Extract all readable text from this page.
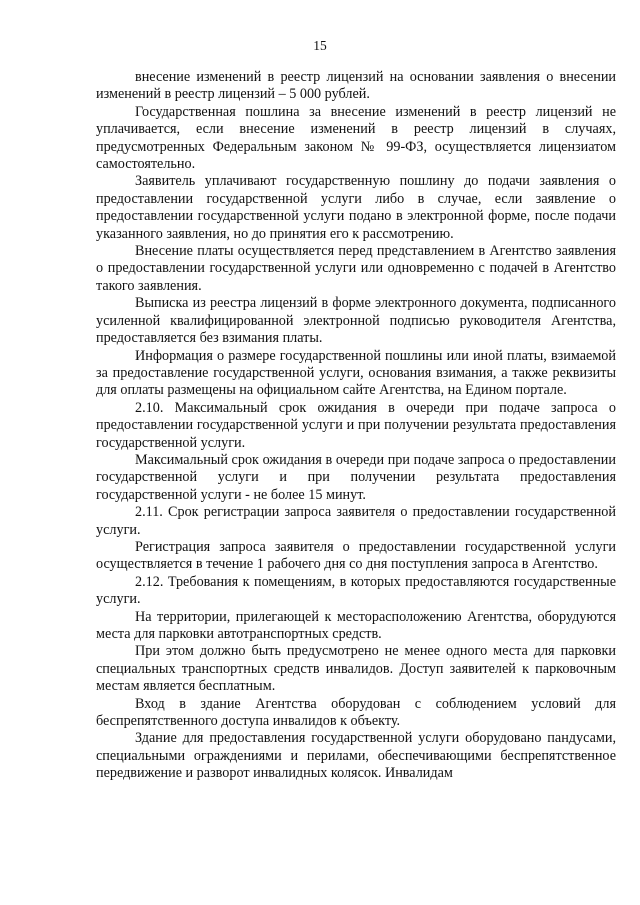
15

внесение изменений в реестр лицензий на основании заявления о внесении изменений в реестр лицензий – 5 000 рублей.

Государственная пошлина за внесение изменений в реестр лицензий не уплачивается, если внесение изменений в реестр лицензий в случаях, предусмотренных Федеральным законом № 99-ФЗ, осуществляется лицензиатом самостоятельно.

Заявитель уплачивают государственную пошлину до подачи заявления о предоставлении государственной услуги либо в случае, если заявление о предоставлении государственной услуги подано в электронной форме, после подачи указанного заявления, но до принятия его к рассмотрению.

Внесение платы осуществляется перед представлением в Агентство заявления о предоставлении государственной услуги или одновременно с подачей в Агентство такого заявления.

Выписка из реестра лицензий в форме электронного документа, подписанного усиленной квалифицированной электронной подписью руководителя Агентства, предоставляется без взимания платы.

Информация о размере государственной пошлины или иной платы, взимаемой за предоставление государственной услуги, основания взимания, а также реквизиты для оплаты размещены на официальном сайте Агентства, на Едином портале.

2.10. Максимальный срок ожидания в очереди при подаче запроса о предоставлении государственной услуги и при получении результата предоставления государственной услуги.

Максимальный срок ожидания в очереди при подаче запроса о предоставлении государственной услуги и при получении результата предоставления государственной услуги - не более 15 минут.

2.11. Срок регистрации запроса заявителя о предоставлении государственной услуги.

Регистрация запроса заявителя о предоставлении государственной услуги осуществляется в течение 1 рабочего дня со дня поступления запроса в Агентство.

2.12. Требования к помещениям, в которых предоставляются государственные услуги.

На территории, прилегающей к месторасположению Агентства, оборудуются места для парковки автотранспортных средств.

При этом должно быть предусмотрено не менее одного места для парковки специальных транспортных средств инвалидов. Доступ заявителей к парковочным местам является бесплатным.

Вход в здание Агентства оборудован с соблюдением условий для беспрепятственного доступа инвалидов к объекту.

Здание для предоставления государственной услуги оборудовано пандусами, специальными ограждениями и перилами, обеспечивающими беспрепятственное передвижение и разворот инвалидных колясок. Инвалидам
